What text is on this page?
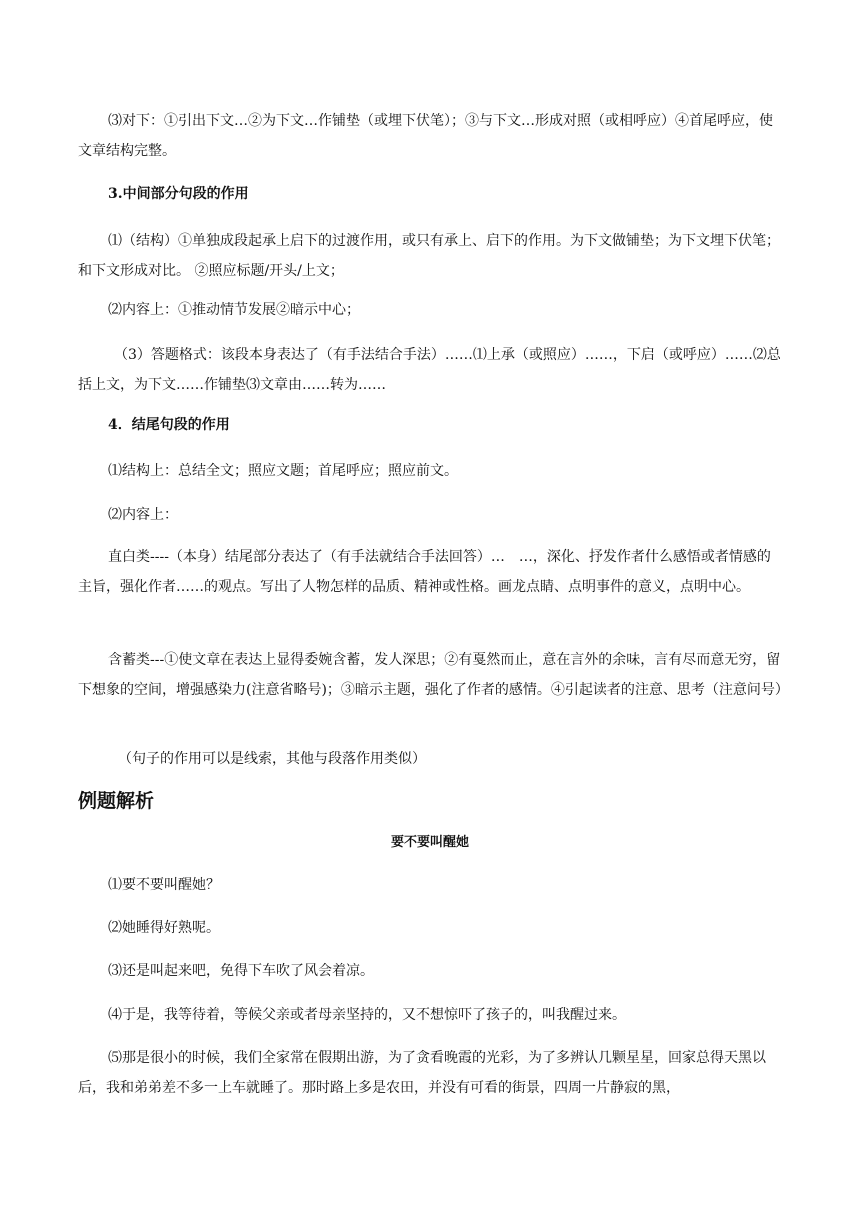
⑶对下：①引出下文…②为下文…作铺垫（或埋下伏笔）；③与下文…形成对照（或相呼应）④首尾呼应，使文章结构完整。

3.中间部分句段的作用

⑴（结构）①单独成段起承上启下的过渡作用，或只有承上、启下的作用。为下文做铺垫；为下文埋下伏笔；和下文形成对比。 ②照应标题/开头/上文；

⑵内容上：①推动情节发展②暗示中心；

（3）答题格式：该段本身表达了（有手法结合手法）……⑴上承（或照应）……，下启（或呼应）……⑵总括上文，为下文……作铺垫⑶文章由……转为……

4．结尾句段的作用

⑴结构上：总结全文；照应文题；首尾呼应；照应前文。

⑵内容上：

直白类----（本身）结尾部分表达了（有手法就结合手法回答）…　…，深化、抒发作者什么感悟或者情感的主旨，强化作者……的观点。写出了人物怎样的品质、精神或性格。画龙点睛、点明事件的意义，点明中心。

含蓄类---①使文章在表达上显得委婉含蓄，发人深思；②有戛然而止，意在言外的余味，言有尽而意无穷，留下想象的空间，增强感染力(注意省略号)；③暗示主题，强化了作者的感情。④引起读者的注意、思考（注意问号）

（句子的作用可以是线索，其他与段落作用类似）

例题解析
要不要叫醒她

⑴要不要叫醒她？

⑵她睡得好熟呢。

⑶还是叫起来吧，免得下车吹了风会着凉。

⑷于是，我等待着，等候父亲或者母亲坚持的，又不想惊吓了孩子的，叫我醒过来。

⑸那是很小的时候，我们全家常在假期出游，为了贪看晚霞的光彩，为了多辨认几颗星星，回家总得天黑以后，我和弟弟差不多一上车就睡了。那时路上多是农田，并没有可看的街景，四周一片静寂的黑，
